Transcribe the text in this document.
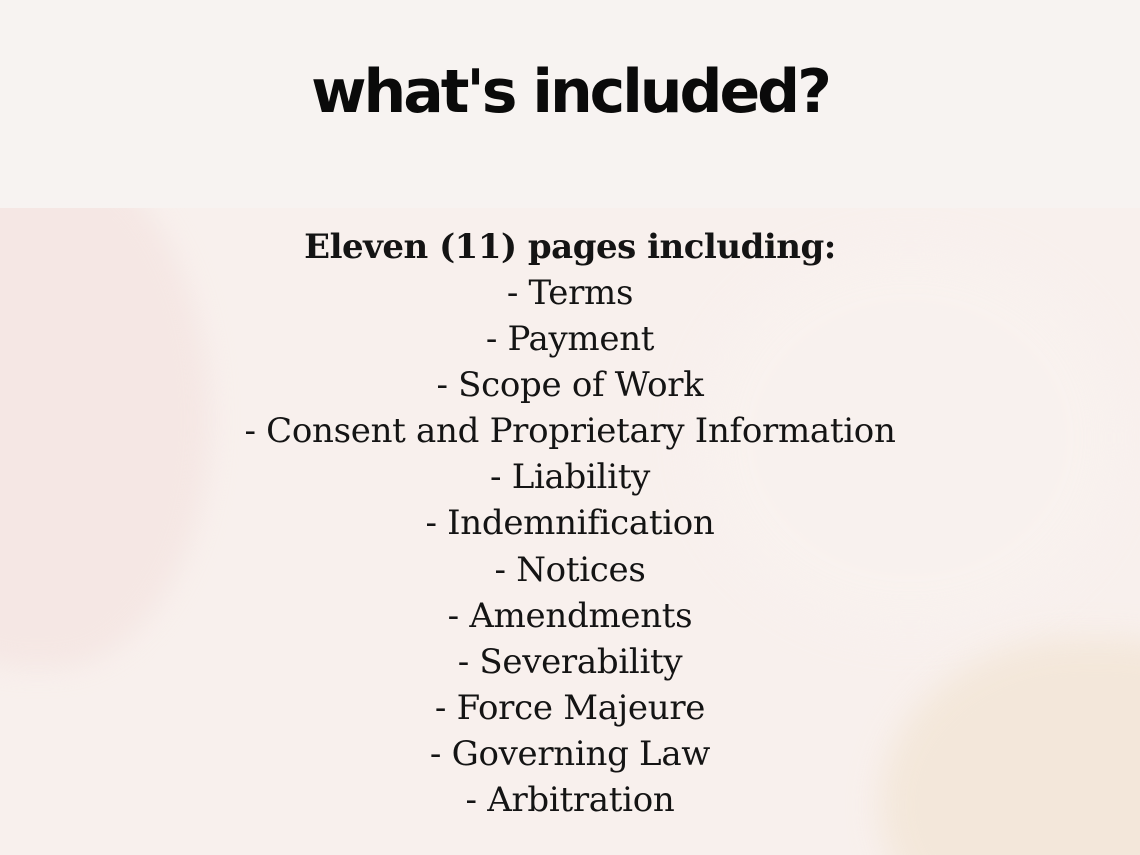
what's included?

Eleven (11) pages including:

- Terms
- Payment
- Scope of Work
- Consent and Proprietary Information
- Liability
- Indemnification
- Notices
- Amendments
- Severability
- Force Majeure
- Governing Law
- Arbitration
